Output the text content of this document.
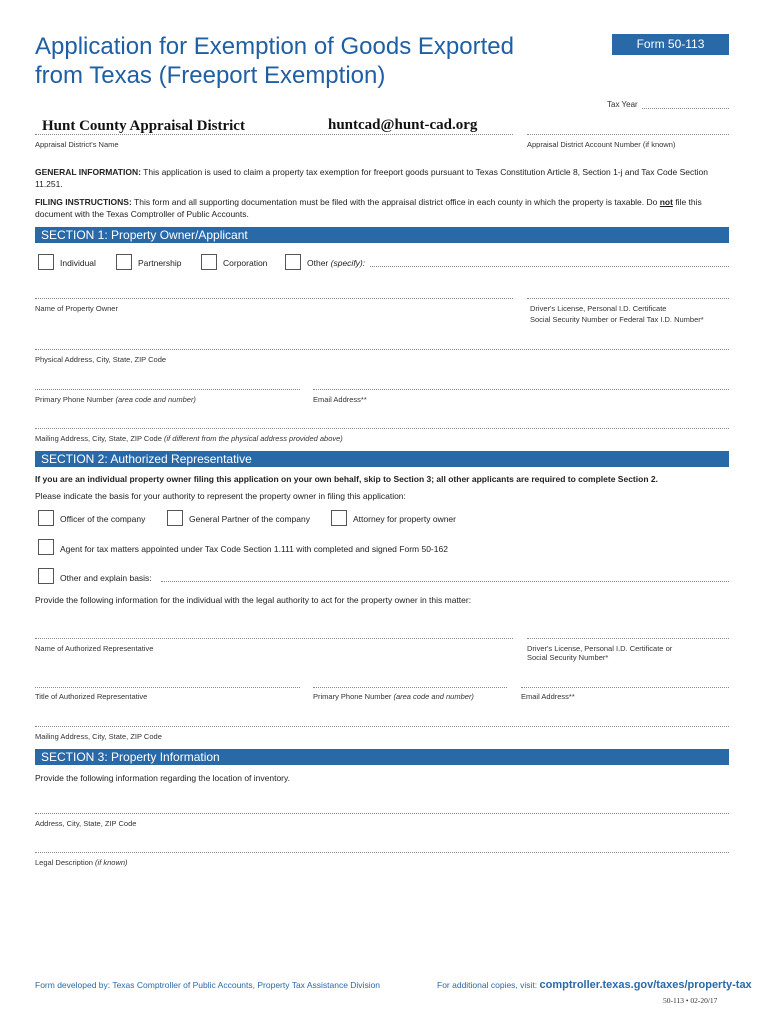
Application for Exemption of Goods Exported
from Texas (Freeport Exemption)
Form 50-113
Tax Year
Hunt County Appraisal District	huntcad@hunt-cad.org
Appraisal District's Name	Appraisal District Account Number (if known)
GENERAL INFORMATION: This application is used to claim a property tax exemption for freeport goods pursuant to Texas Constitution Article 8, Section 1-j and Tax Code Section 11.251.
FILING INSTRUCTIONS: This form and all supporting documentation must be filed with the appraisal district office in each county in which the property is taxable. Do not file this document with the Texas Comptroller of Public Accounts.
SECTION 1: Property Owner/Applicant
Individual	Partnership	Corporation	Other (specify):
Name of Property Owner	Driver's License, Personal I.D. Certificate
Social Security Number or Federal Tax I.D. Number*
Physical Address, City, State, ZIP Code
Primary Phone Number (area code and number)	Email Address**
Mailing Address, City, State, ZIP Code (if different from the physical address provided above)
SECTION 2: Authorized Representative
If you are an individual property owner filing this application on your own behalf, skip to Section 3; all other applicants are required to complete Section 2.
Please indicate the basis for your authority to represent the property owner in filing this application:
Officer of the company	General Partner of the company	Attorney for property owner
Agent for tax matters appointed under Tax Code Section 1.111 with completed and signed Form 50-162
Other and explain basis:
Provide the following information for the individual with the legal authority to act for the property owner in this matter:
Name of Authorized Representative	Driver's License, Personal I.D. Certificate or
Social Security Number*
Title of Authorized Representative	Primary Phone Number (area code and number)	Email Address**
Mailing Address, City, State, ZIP Code
SECTION 3: Property Information
Provide the following information regarding the location of inventory.
Address, City, State, ZIP Code
Legal Description (if known)
Form developed by: Texas Comptroller of Public Accounts, Property Tax Assistance Division	For additional copies, visit: comptroller.texas.gov/taxes/property-tax
50-113 • 02-20/17
